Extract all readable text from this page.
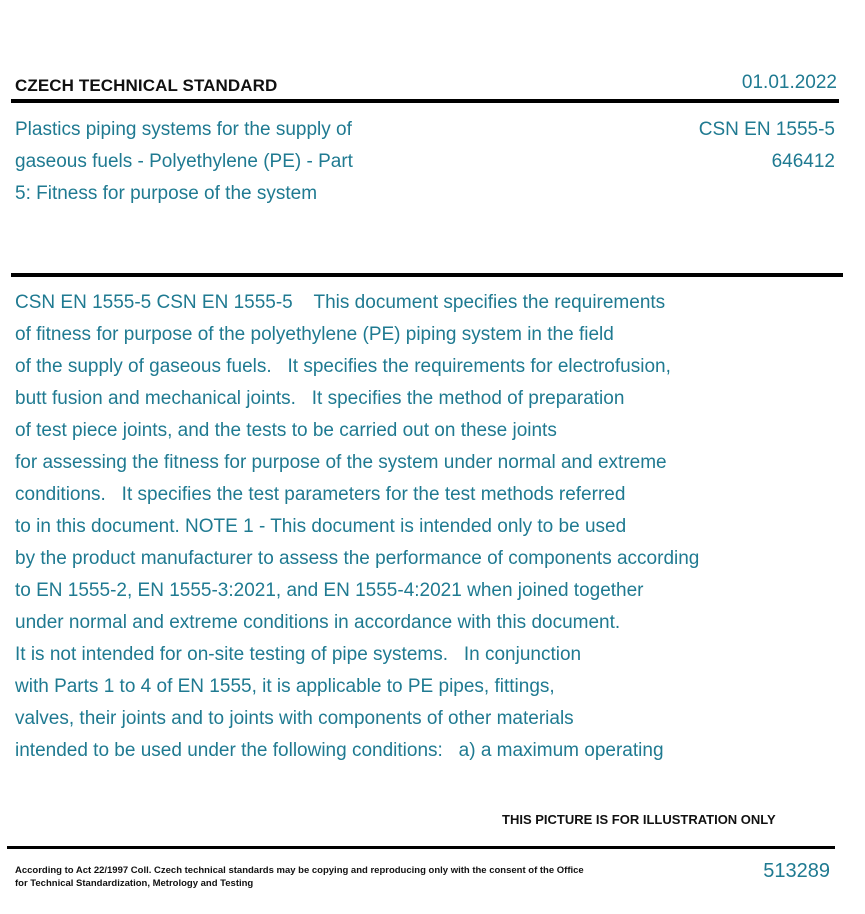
CZECH TECHNICAL STANDARD	01.01.2022
Plastics piping systems for the supply of
gaseous fuels - Polyethylene (PE) - Part
5: Fitness for purpose of the system
CSN EN 1555-5
646412
CSN EN 1555-5 CSN EN 1555-5    This document specifies the requirements
of fitness for purpose of the polyethylene (PE) piping system in the field
of the supply of gaseous fuels.   It specifies the requirements for electrofusion,
butt fusion and mechanical joints.   It specifies the method of preparation
of test piece joints, and the tests to be carried out on these joints
for assessing the fitness for purpose of the system under normal and extreme
conditions.   It specifies the test parameters for the test methods referred
to in this document. NOTE 1 - This document is intended only to be used
by the product manufacturer to assess the performance of components according
to EN 1555-2, EN 1555-3:2021, and EN 1555-4:2021 when joined together
under normal and extreme conditions in accordance with this document.
It is not intended for on-site testing of pipe systems.   In conjunction
with Parts 1 to 4 of EN 1555, it is applicable to PE pipes, fittings,
valves, their joints and to joints with components of other materials
intended to be used under the following conditions:   a) a maximum operating
THIS PICTURE IS FOR ILLUSTRATION ONLY
According to Act 22/1997 Coll. Czech technical standards may be copying and reproducing only with the consent of the Office
for Technical Standardization, Metrology and Testing
513289
